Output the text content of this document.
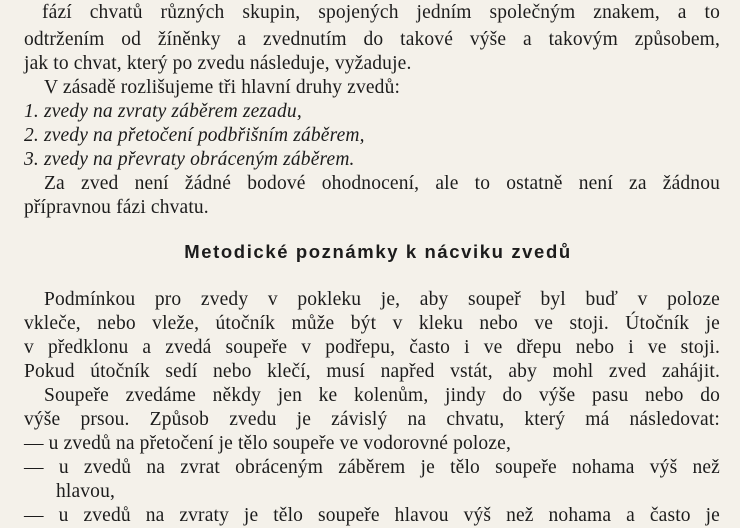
fází chvatů různých skupin, spojených jedním společným znakem, a to
odtržením od žíněnky a zvednutím do takové výše a takovým způsobem,
jak to chvat, který po zvedu následuje, vyžaduje.
V zásadě rozlišujeme tři hlavní druhy zvedů:
1. zvedy na zvraty záběrem zezadu,
2. zvedy na přetočení podbřišním záběrem,
3. zvedy na převraty obráceným záběrem.
Za zved není žádné bodové ohodnocení, ale to ostatně není za žádnou
přípravnou fázi chvatu.
Metodické poznámky k nácviku zvedů
Podmínkou pro zvedy v pokleku je, aby soupeř byl buď v poloze
vkleče, nebo vleže, útočník může být v kleku nebo ve stoji. Útočník je
v předklonu a zvedá soupeře v podřepu, často i ve dřepu nebo i ve stoji.
Pokud útočník sedí nebo klečí, musí napřed vstát, aby mohl zved zahájit.
Soupeře zvedáme někdy jen ke kolenům, jindy do výše pasu nebo do
výše prsou. Způsob zvedu je závislý na chvatu, který má následovat:
— u zvedů na přetočení je tělo soupeře ve vodorovné poloze,
— u zvedů na zvrat obráceným záběrem je tělo soupeře nohama výš než
hlavou,
— u zvedů na zvraty je tělo soupeře hlavou výš než nohama a často je
